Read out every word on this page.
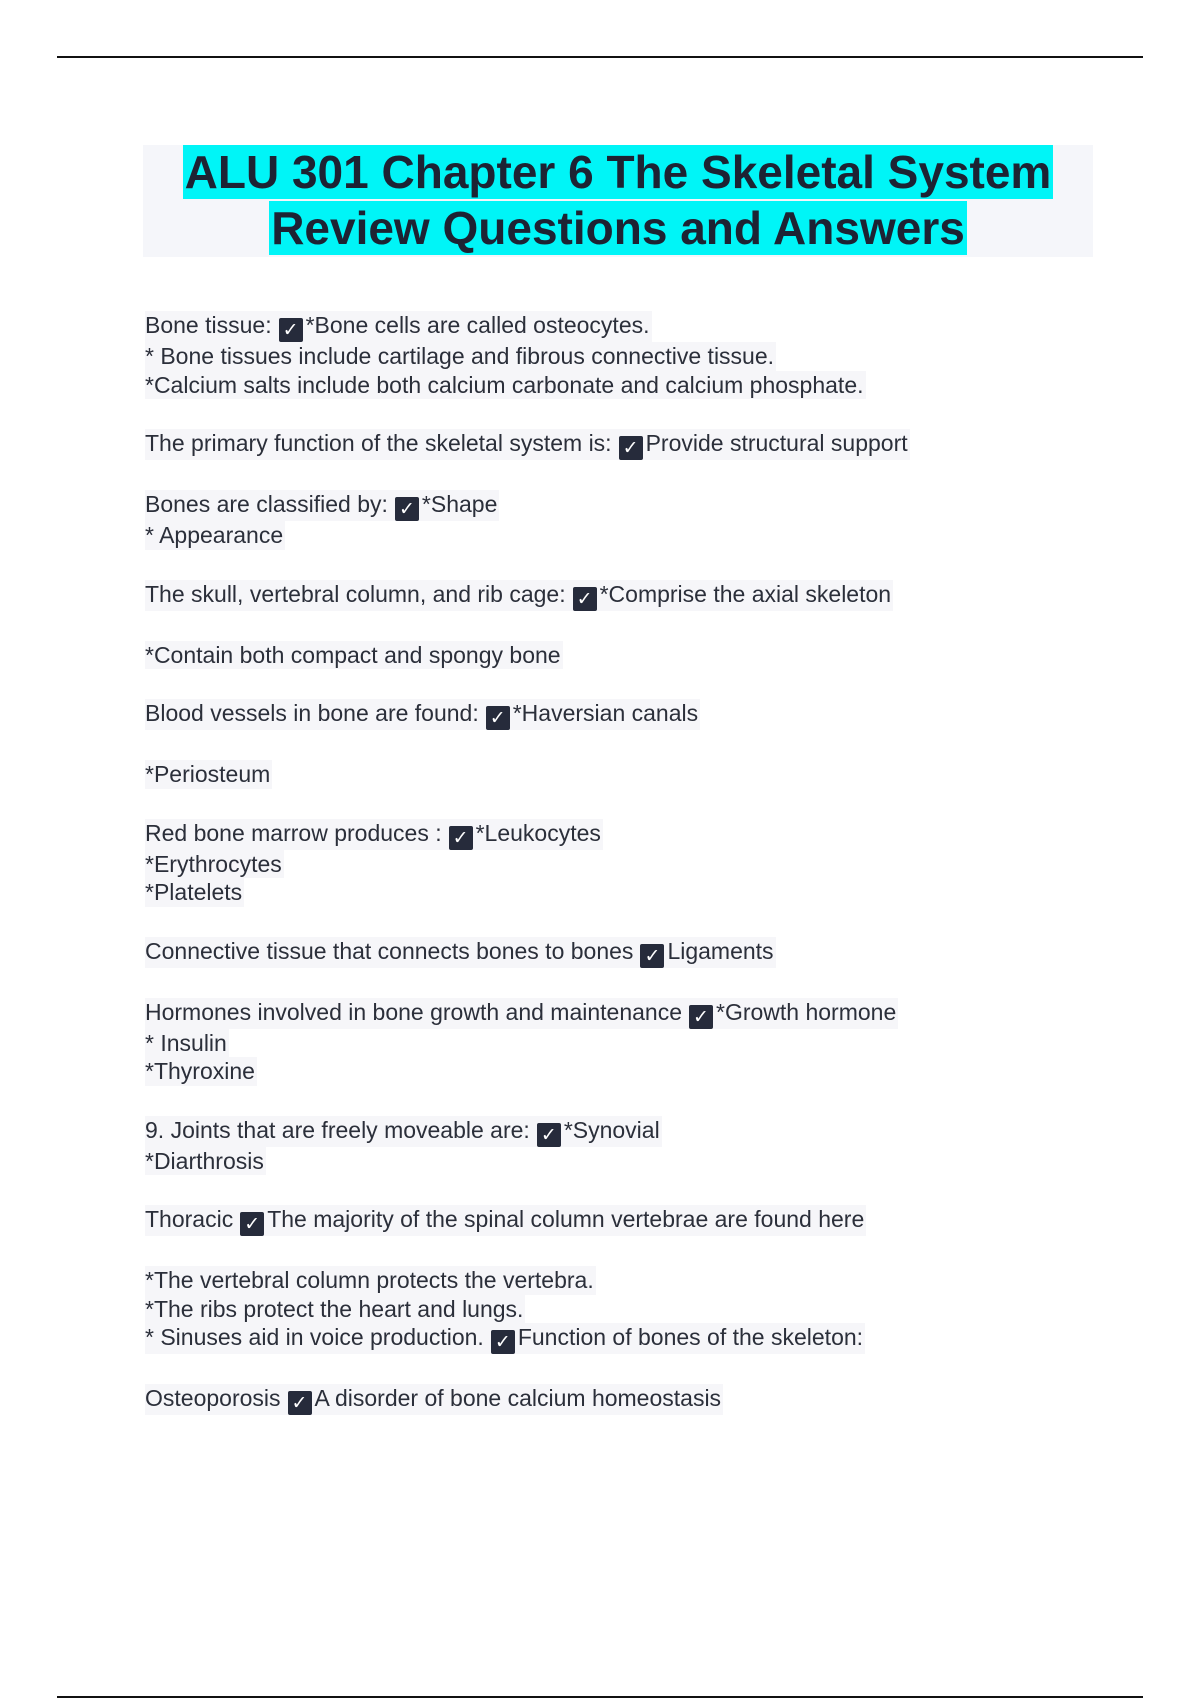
ALU 301 Chapter 6 The Skeletal System
Review Questions and Answers
Bone tissue: ✓ *Bone cells are called osteocytes.
* Bone tissues include cartilage and fibrous connective tissue.
*Calcium salts include both calcium carbonate and calcium phosphate.
The primary function of the skeletal system is: ✓ Provide structural support
Bones are classified by: ✓ *Shape
* Appearance
The skull, vertebral column, and rib cage: ✓ *Comprise the axial skeleton
*Contain both compact and spongy bone
Blood vessels in bone are found: ✓ *Haversian canals
*Periosteum
Red bone marrow produces : ✓ *Leukocytes
*Erythrocytes
*Platelets
Connective tissue that connects bones to bones ✓ Ligaments
Hormones involved in bone growth and maintenance ✓ *Growth hormone
* Insulin
*Thyroxine
9. Joints that are freely moveable are: ✓ *Synovial
*Diarthrosis
Thoracic ✓ The majority of the spinal column vertebrae are found here
*The vertebral column protects the vertebra.
*The ribs protect the heart and lungs.
* Sinuses aid in voice production. ✓ Function of bones of the skeleton:
Osteoporosis ✓ A disorder of bone calcium homeostasis
